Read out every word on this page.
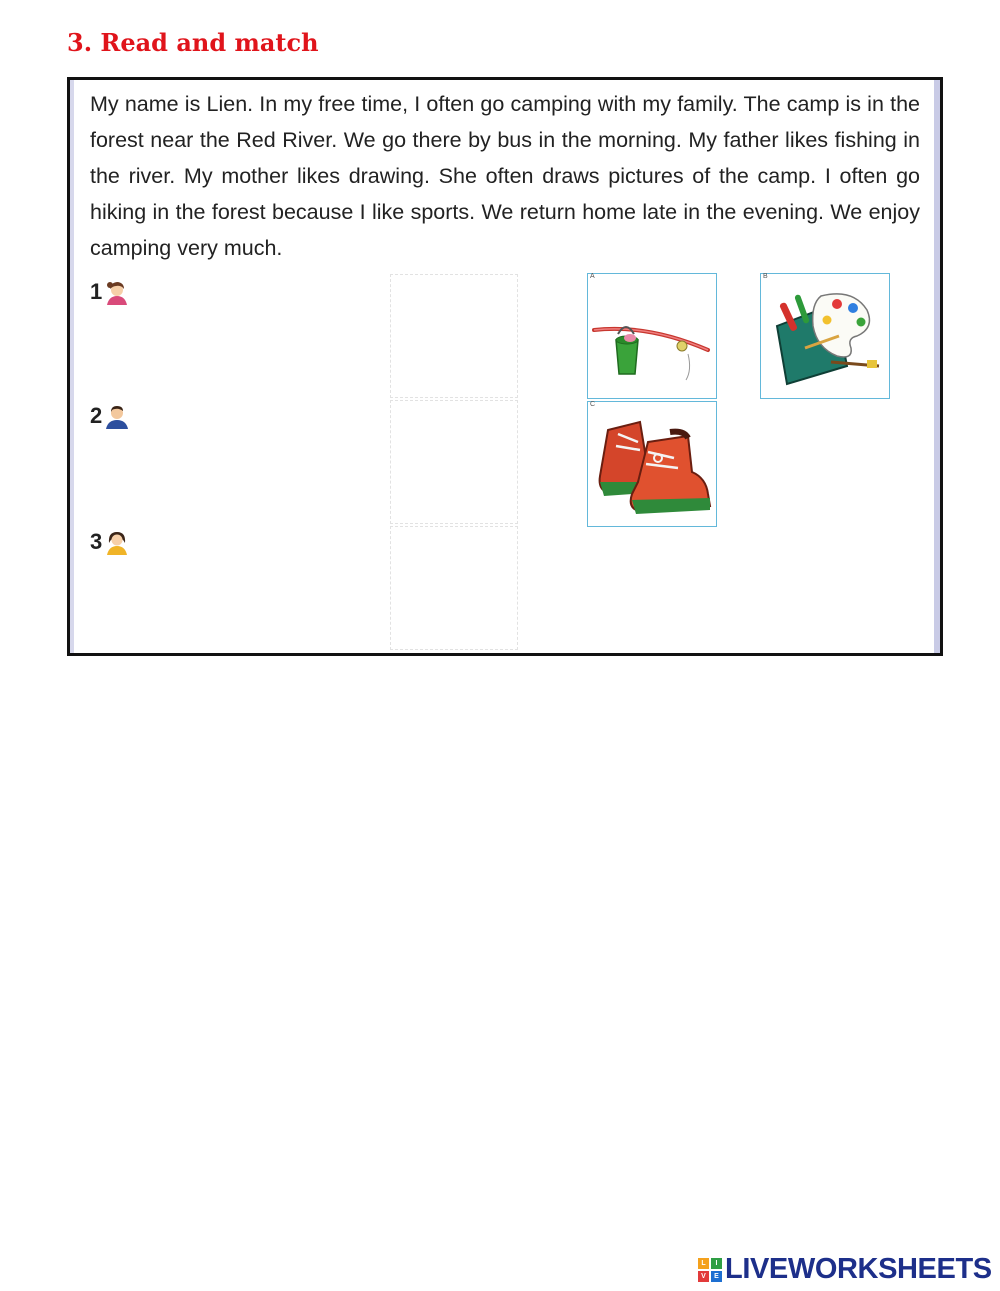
3. Read and match
My name is Lien. In my free time, I often go camping with my family. The camp is in the forest near the Red River. We go there by bus in the morning. My father likes fishing in the river. My mother likes drawing. She often draws pictures of the camp. I often go hiking in the forest because I like sports. We return home late in the evening. We enjoy camping very much.
1
2
3
A	B
C
L	I
V	E LIVEWORKSHEETS
